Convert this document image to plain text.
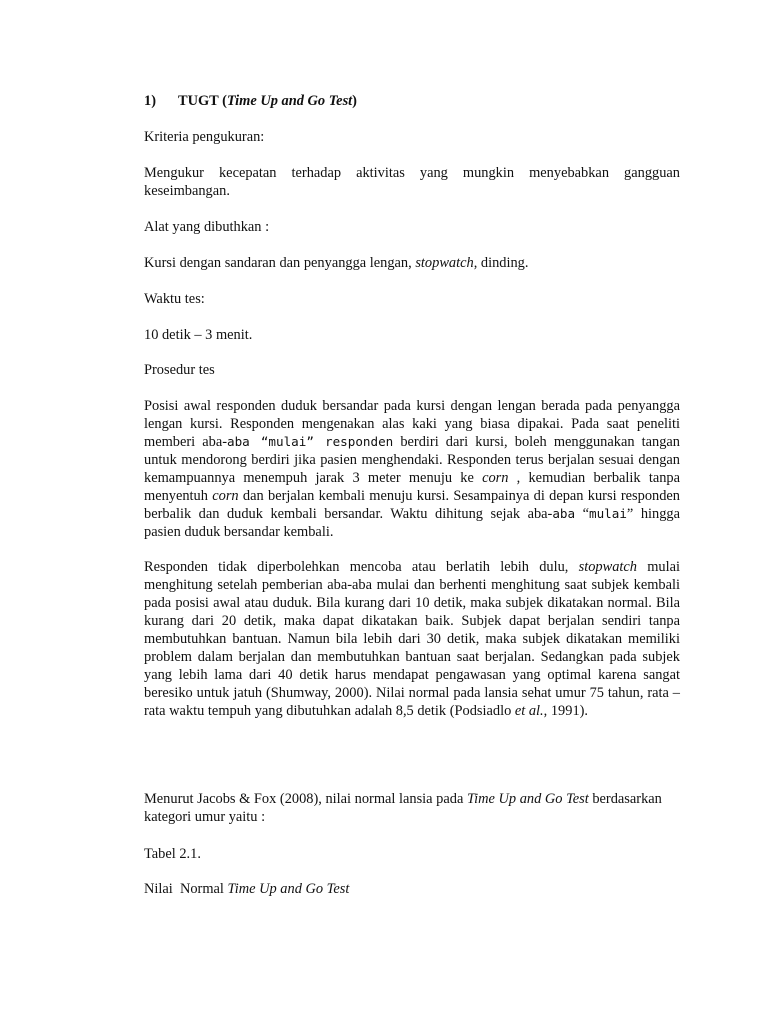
1) TUGT (Time Up and Go Test)

Kriteria pengukuran:

Mengukur kecepatan terhadap aktivitas yang mungkin menyebabkan gangguan keseimbangan.

Alat yang dibuthkan :

Kursi dengan sandaran dan penyangga lengan, stopwatch, dinding.

Waktu tes:

10 detik – 3 menit.

Prosedur tes

Posisi awal responden duduk bersandar pada kursi dengan lengan berada pada penyangga lengan kursi. Responden mengenakan alas kaki yang biasa dipakai. Pada saat peneliti memberi aba-aba “mulai” responden berdiri dari kursi, boleh menggunakan tangan untuk mendorong berdiri jika pasien menghendaki. Responden terus berjalan sesuai dengan kemampuannya menempuh jarak 3 meter menuju ke corn , kemudian berbalik tanpa menyentuh corn dan berjalan kembali menuju kursi. Sesampainya di depan kursi responden berbalik dan duduk kembali bersandar. Waktu dihitung sejak aba-aba “mulai” hingga pasien duduk bersandar kembali.

Responden tidak diperbolehkan mencoba atau berlatih lebih dulu, stopwatch mulai menghitung setelah pemberian aba-aba mulai dan berhenti menghitung saat subjek kembali pada posisi awal atau duduk. Bila kurang dari 10 detik, maka subjek dikatakan normal. Bila kurang dari 20 detik, maka dapat dikatakan baik. Subjek dapat berjalan sendiri tanpa membutuhkan bantuan. Namun bila lebih dari 30 detik, maka subjek dikatakan memiliki problem dalam berjalan dan membutuhkan bantuan saat berjalan. Sedangkan pada subjek yang lebih lama dari 40 detik harus mendapat pengawasan yang optimal karena sangat beresiko untuk jatuh (Shumway, 2000). Nilai normal pada lansia sehat umur 75 tahun, rata – rata waktu tempuh yang dibutuhkan adalah 8,5 detik (Podsiadlo et al., 1991).

Menurut Jacobs & Fox (2008), nilai normal lansia pada Time Up and Go Test berdasarkan kategori umur yaitu :

Tabel 2.1.

Nilai  Normal Time Up and Go Test
